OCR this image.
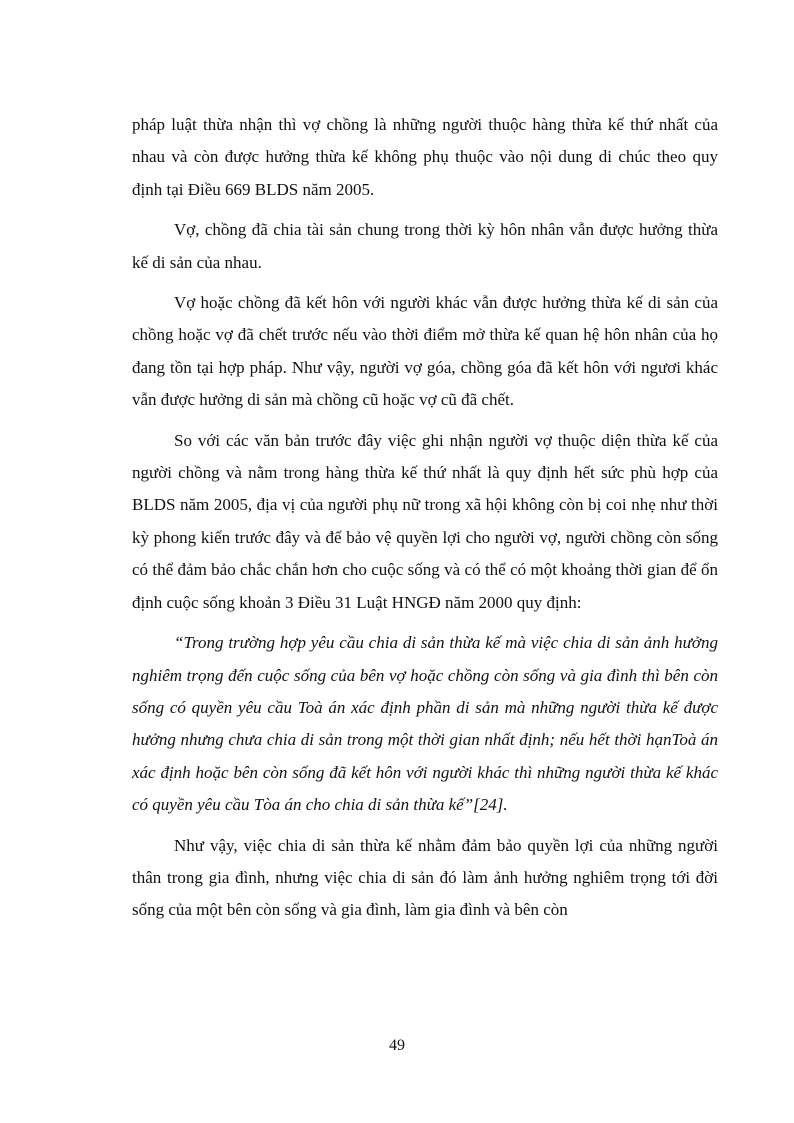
pháp luật thừa nhận thì vợ chồng là những người thuộc hàng thừa kế thứ nhất của nhau và còn được hưởng thừa kế không phụ thuộc vào nội dung di chúc theo quy định tại Điều 669 BLDS năm 2005.

Vợ, chồng đã chia tài sản chung trong thời kỳ hôn nhân vẫn được hưởng thừa kế di sản của nhau.

Vợ hoặc chồng đã kết hôn với người khác vẫn được hưởng thừa kế di sản của chồng hoặc vợ đã chết trước nếu vào thời điểm mở thừa kế quan hệ hôn nhân của họ đang tồn tại hợp pháp. Như vậy, người vợ góa, chồng góa đã kết hôn với ngươi khác vẫn được hưởng di sản mà chồng cũ hoặc vợ cũ đã chết.

So với các văn bản trước đây việc ghi nhận người vợ thuộc diện thừa kế của người chồng và nằm trong hàng thừa kế thứ nhất là quy định hết sức phù hợp của BLDS năm 2005, địa vị của người phụ nữ trong xã hội không còn bị coi nhẹ như thời kỳ phong kiến trước đây và để bảo vệ quyền lợi cho người vợ, người chồng còn sống có thể đảm bảo chắc chắn hơn cho cuộc sống và có thể có một khoảng thời gian để ổn định cuộc sống khoản 3 Điều 31 Luật HNGĐ năm 2000 quy định:

“Trong trường hợp yêu cầu chia di sản thừa kế mà việc chia di sản ảnh hưởng nghiêm trọng đến cuộc sống của bên vợ hoặc chồng còn sống và gia đình thì bên còn sống có quyền yêu cầu Toà án xác định phần di sản mà những người thừa kế được hưởng nhưng chưa chia di sản trong một thời gian nhất định; nếu hết thời hạnToà án xác định hoặc bên còn sống đã kết hôn với người khác thì những người thừa kế khác có quyền yêu cầu Tòa án cho chia di sản thừa kế”[24].

Như vậy, việc chia di sản thừa kế nhằm đảm bảo quyền lợi của những người thân trong gia đình, nhưng việc chia di sản đó làm ảnh hưởng nghiêm trọng tới đời sống của một bên còn sống và gia đình, làm gia đình và bên còn

49
